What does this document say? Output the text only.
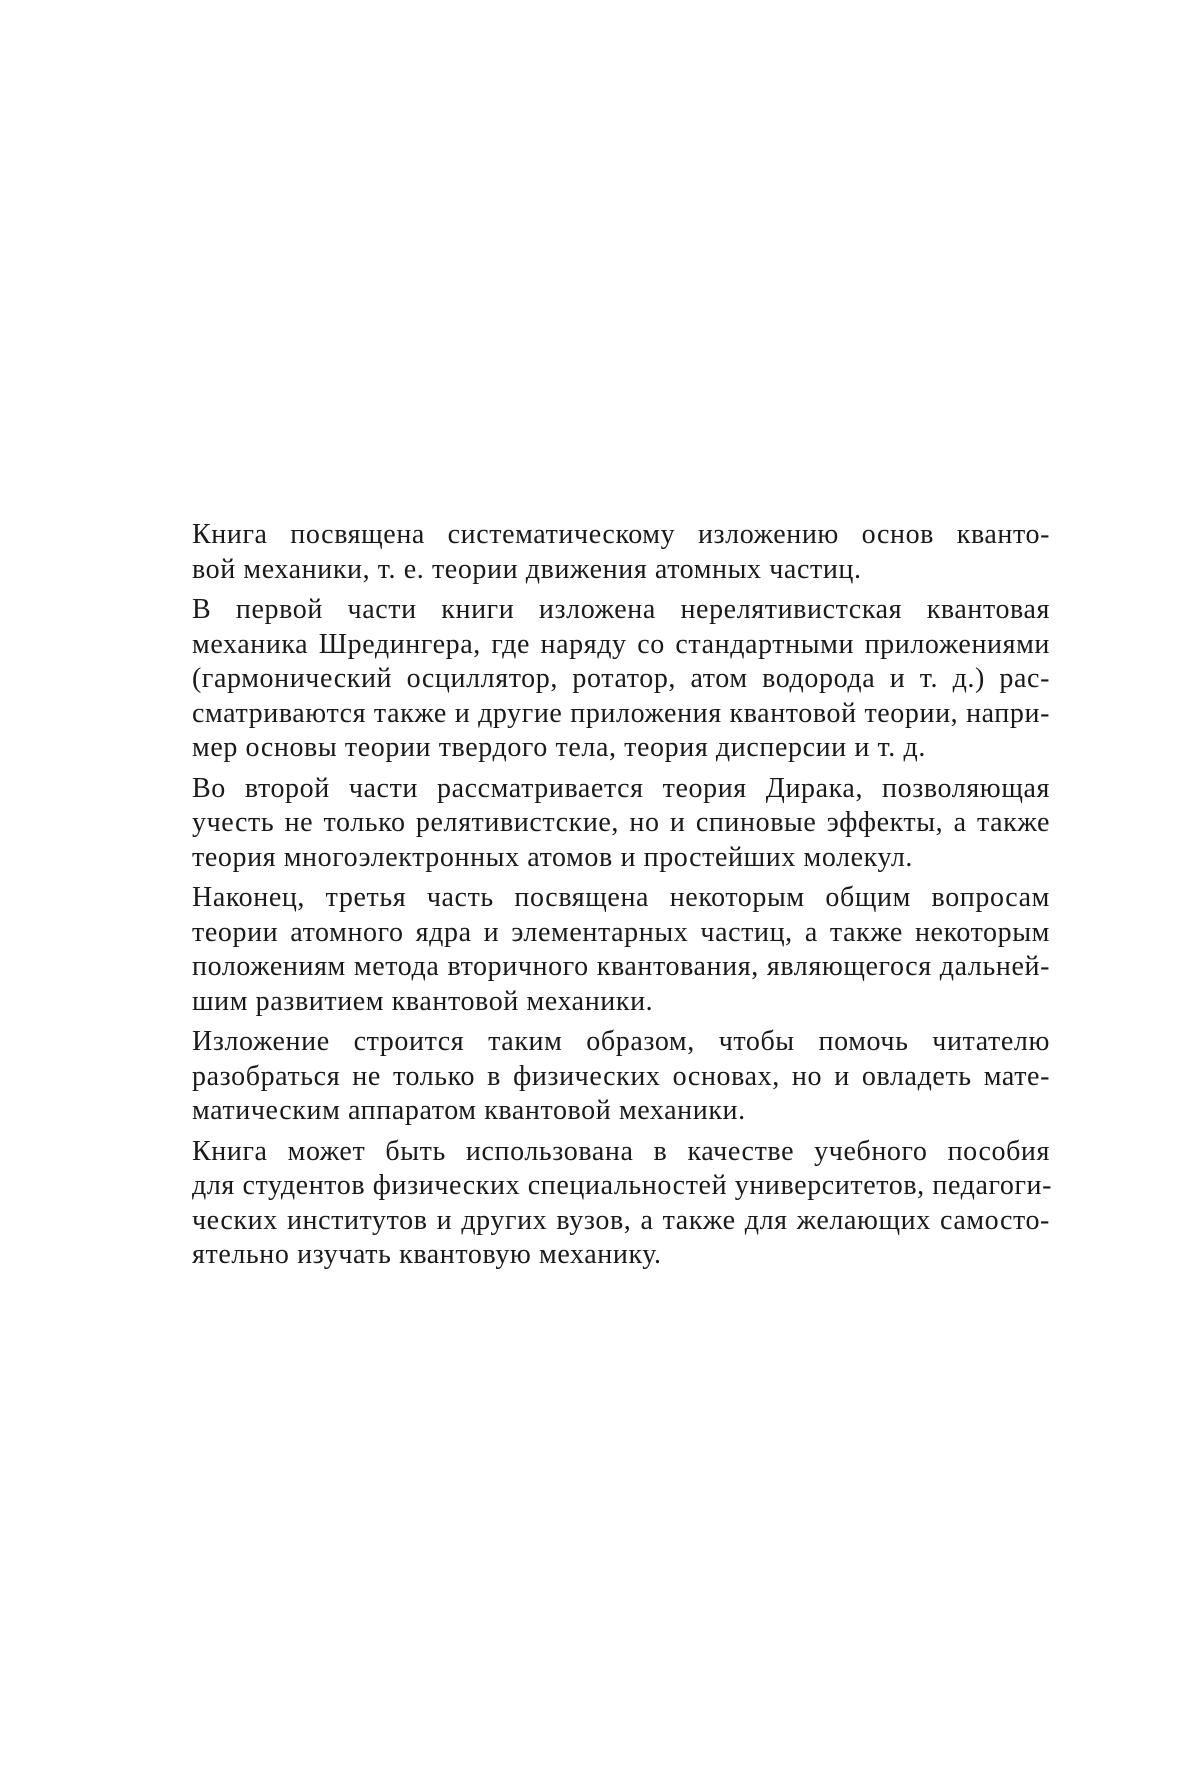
Книга посвящена систематическому изложению основ кванто-
вой механики, т. е. теории движения атомных частиц.
В первой части книги изложена нерелятивистская квантовая
механика Шредингера, где наряду со стандартными приложениями
(гармонический осциллятор, ротатор, атом водорода и т. д.) рас-
сматриваются также и другие приложения квантовой теории, напри-
мер основы теории твердого тела, теория дисперсии и т. д.
Во второй части рассматривается теория Дирака, позволяющая
учесть не только релятивистские, но и спиновые эффекты, а также
теория многоэлектронных атомов и простейших молекул.
Наконец, третья часть посвящена некоторым общим вопросам
теории атомного ядра и элементарных частиц, а также некоторым
положениям метода вторичного квантования, являющегося дальней-
шим развитием квантовой механики.
Изложение строится таким образом, чтобы помочь читателю
разобраться не только в физических основах, но и овладеть мате-
матическим аппаратом квантовой механики.
Книга может быть использована в качестве учебного пособия
для студентов физических специальностей университетов, педагоги-
ческих институтов и других вузов, а также для желающих самосто-
ятельно изучать квантовую механику.
